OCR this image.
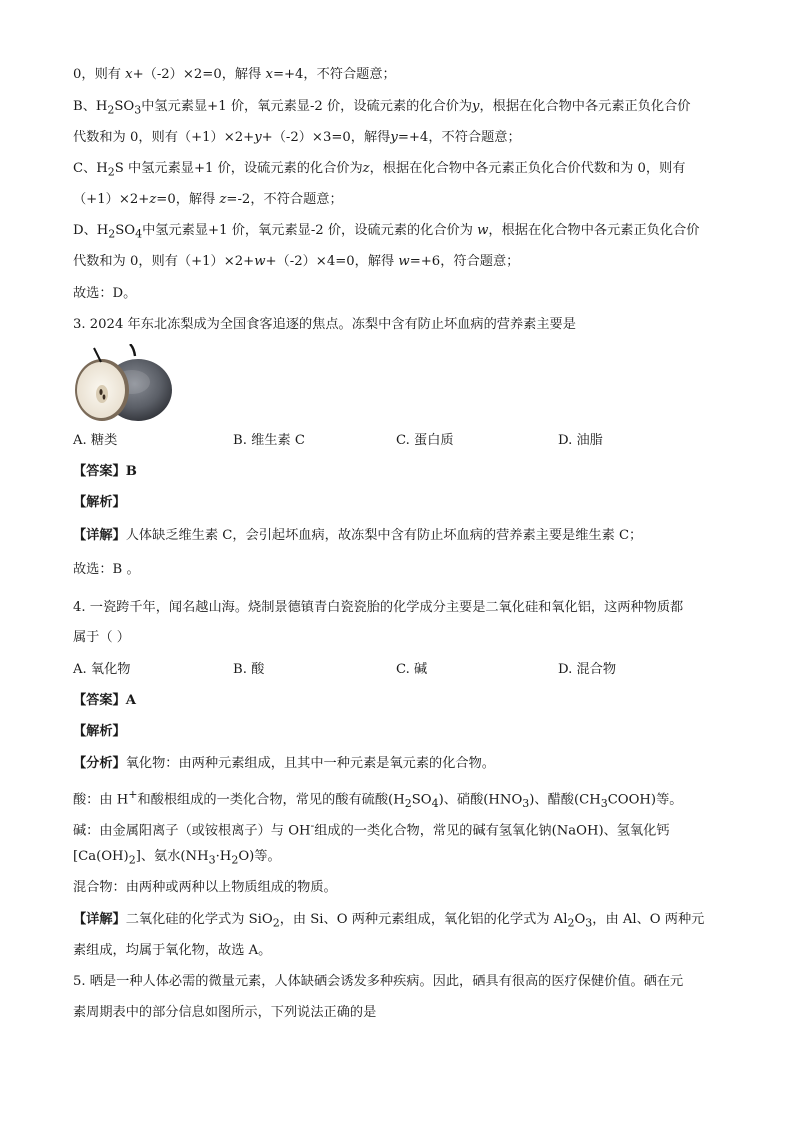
0，则有 x+（-2）×2=0，解得 x=+4，不符合题意；
B、$H_2SO_3$中氢元素显+1 价，氧元素显-2 价，设硫元素的化合价为y，根据在化合物中各元素正负化合价
代数和为 0，则有（+1）×2+y+（-2）×3=0，解得y=+4，不符合题意；
C、$H_2S$ 中氢元素显+1 价，设硫元素的化合价为z，根据在化合物中各元素正负化合价代数和为 0，则有
（+1）×2+z=0，解得 z=-2，不符合题意；
D、$H_2SO_4$中氢元素显+1 价，氧元素显-2 价，设硫元素的化合价为 w，根据在化合物中各元素正负化合价
代数和为 0，则有（+1）×2+w+（-2）×4=0，解得 w=+6，符合题意；
故选：D。
3. 2024 年东北冻梨成为全国食客追逐的焦点。冻梨中含有防止坏血病的营养素主要是
A. 糖类	B. 维生素 C	C. 蛋白质	D. 油脂
【答案】B
【解析】
【详解】人体缺乏维生素 C，会引起坏血病，故冻梨中含有防止坏血病的营养素主要是维生素 C；
故选：B 。
4. 一瓷跨千年，闻名越山海。烧制景德镇青白瓷瓷胎的化学成分主要是二氧化硅和氧化铝，这两种物质都
属于（ ）
A. 氧化物	B. 酸	C. 碱	D. 混合物
【答案】A
【解析】
【分析】氧化物：由两种元素组成，且其中一种元素是氧元素的化合物。
酸：由 H+和酸根组成的一类化合物，常见的酸有硫酸$(H_2SO_4)$、硝酸$(HNO_3)$、醋酸$(CH_3COOH)$等。
碱：由金属阳离子（或铵根离子）与 OH-组成的一类化合物，常见的碱有氢氧化钠(NaOH)、氢氧化钙
$[Ca(OH)_2]$、氨水$(NH_3\cdot H_2O)$等。
混合物：由两种或两种以上物质组成的物质。
【详解】二氧化硅的化学式为 SiO$_2$，由 Si、O 两种元素组成，氧化铝的化学式为 $Al_2O_3$，由 Al、O 两种元
素组成，均属于氧化物，故选 A。
5. 晒是一种人体必需的微量元素，人体缺硒会诱发多种疾病。因此，硒具有很高的医疗保健价值。硒在元
素周期表中的部分信息如图所示，下列说法正确的是
